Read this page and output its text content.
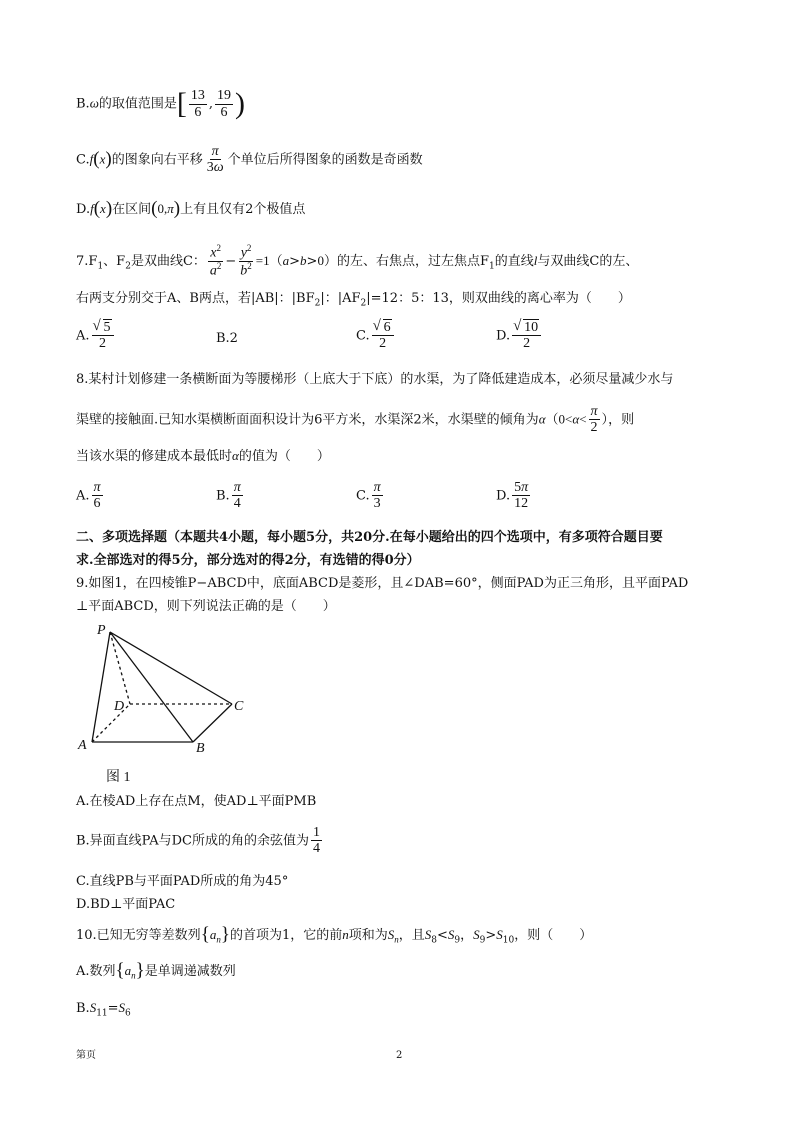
B.ω的取值范围是[ $\frac{13}{6}$ , $\frac{19}{6}$ )
C.f(x)的图象向右平移 $\frac{\pi}{3\omega}$ 个单位后所得图象的函数是奇函数
D.f(x)在区间(0,π)上有且仅有2个极值点
$7.F_1$、$F_2$是双曲线C： $\frac{x^2}{a^2} - \frac{y^2}{b^2} =1(a>b>0)$的左、右焦点，过左焦点$F_1$的直线l与双曲线C的左、
右两支分别交于A、B两点，若|AB|：$|BF_2|$：$|AF_2|=12$：5：13，则双曲线的离心率为（　　）
A. √ $\frac{5}{2}$	B.2	C. √ $\frac{6}{2}$	D. √ $\frac{10}{2}$
8.某村计划修建一条横断面为等腰梯形（上底大于下底）的水渠，为了降低建造成本，必须尽量减少水与
渠壁的接触面.已知水渠横断面面积设计为6平方米，水渠深2米，水渠壁的倾角为$\alpha(0<\alpha< \frac{\pi}{2}$ ），则
当该水渠的修建成本最低时α的值为（　　）
A. $\frac{\pi}{6}$	B. $\frac{\pi}{4}$	C. $\frac{\pi}{3}$	D. $\frac{5\pi}{12}$
二、多项选择题（本题共4小题，每小题5分，共20分.在每小题给出的四个选项中，有多项符合题目要
求.全部选对的得5分，部分选对的得2分，有选错的得0分）
9.如图1，在四棱锥P−ABCD中，底面ABCD是菱形，且∠DAB=60°，侧面PAD为正三角形，且平面PAD
⊥平面ABCD，则下列说法正确的是（　　）
P
D	C
A	B
图 1
A.在棱AD上存在点M，使AD⊥平面PMB
B.异面直线PA与DC所成的角的余弦值为 $\frac{1}{4}$
C.直线PB与平面PAD所成的角为45°
D.BD⊥平面PAC
10.已知无穷等差数列$\{a_n\}$的首项为1，它的前n项和为$S_n$，且$S_8<S_9$，$S_9>S_{10}$，则（　　）
A.数列$\{a_n\}$是单调递减数列
$B.S_{11}=S_6$
第页	2
